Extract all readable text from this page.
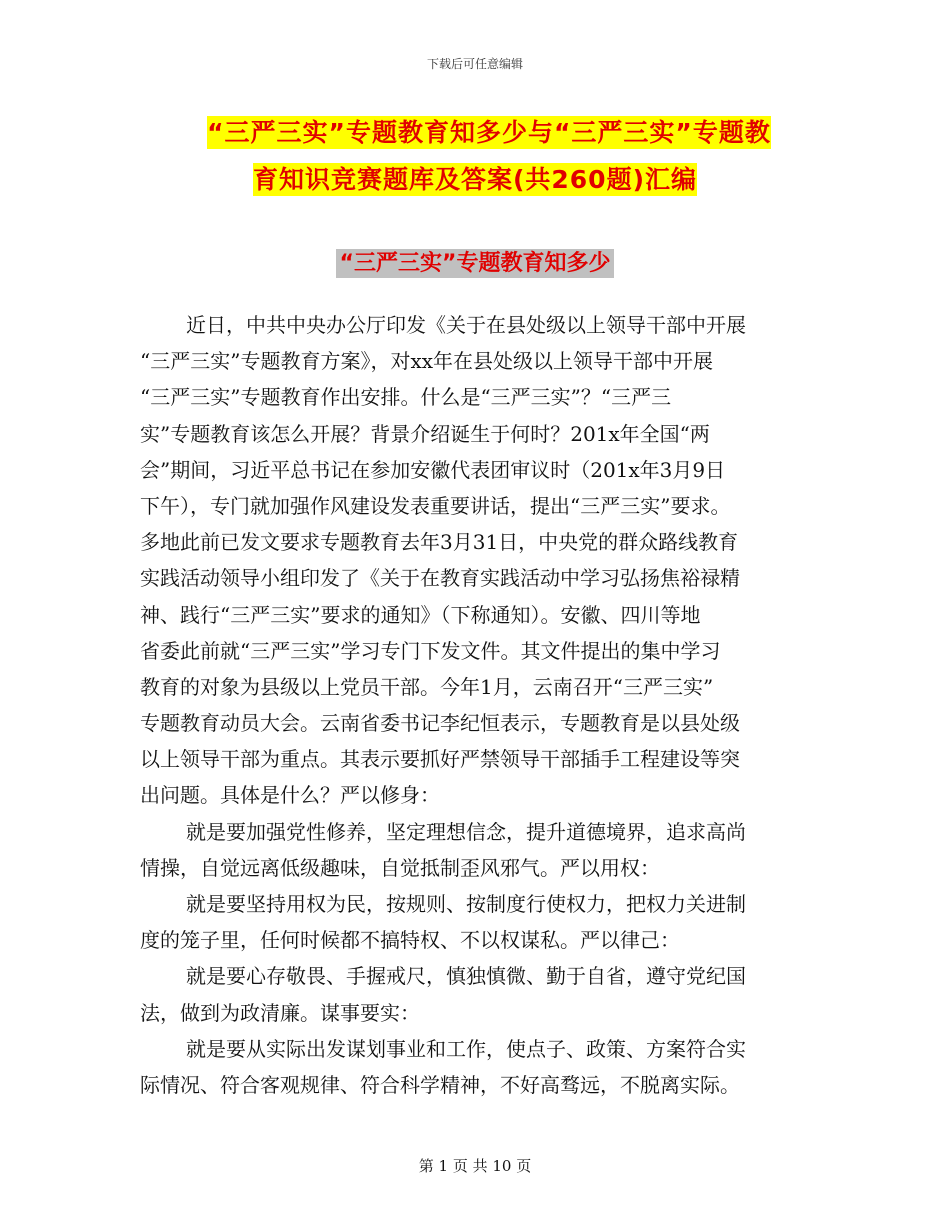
下载后可任意编辑
“三严三实”专题教育知多少与“三严三实”专题教
育知识竞赛题库及答案(共260题)汇编
“三严三实”专题教育知多少
近日，中共中央办公厅印发《关于在县处级以上领导干部中开展
“三严三实”专题教育方案》，对xx年在县处级以上领导干部中开展
“三严三实”专题教育作出安排。什么是“三严三实”？“三严三
实”专题教育该怎么开展？背景介绍诞生于何时？201x年全国“两
会”期间，习近平总书记在参加安徽代表团审议时（201x年3月9日
下午），专门就加强作风建设发表重要讲话，提出“三严三实”要求。
多地此前已发文要求专题教育去年3月31日，中央党的群众路线教育
实践活动领导小组印发了《关于在教育实践活动中学习弘扬焦裕禄精
神、践行“三严三实”要求的通知》（下称通知）。安徽、四川等地
省委此前就“三严三实”学习专门下发文件。其文件提出的集中学习
教育的对象为县级以上党员干部。今年1月，云南召开“三严三实”
专题教育动员大会。云南省委书记李纪恒表示，专题教育是以县处级
以上领导干部为重点。其表示要抓好严禁领导干部插手工程建设等突
出问题。具体是什么？严以修身：
就是要加强党性修养，坚定理想信念，提升道德境界，追求高尚
情操，自觉远离低级趣味，自觉抵制歪风邪气。严以用权：
就是要坚持用权为民，按规则、按制度行使权力，把权力关进制
度的笼子里，任何时候都不搞特权、不以权谋私。严以律己：
就是要心存敬畏、手握戒尺，慎独慎微、勤于自省，遵守党纪国
法，做到为政清廉。谋事要实：
就是要从实际出发谋划事业和工作，使点子、政策、方案符合实
际情况、符合客观规律、符合科学精神，不好高骛远，不脱离实际。
第 1 页 共 10 页
